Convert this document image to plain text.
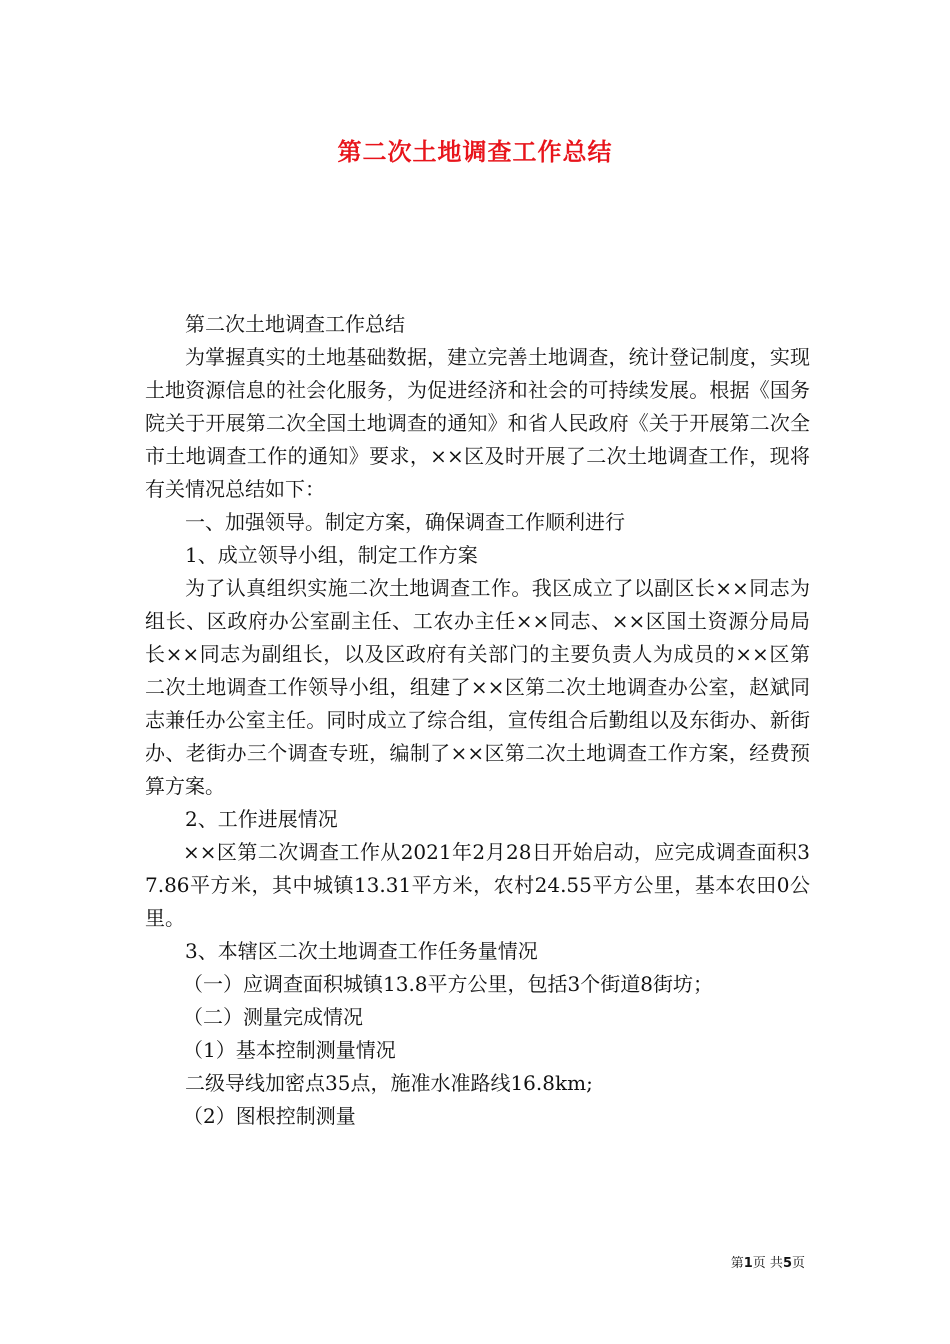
第二次土地调查工作总结

第二次土地调查工作总结

为掌握真实的土地基础数据，建立完善土地调查，统计登记制度，实现土地资源信息的社会化服务，为促进经济和社会的可持续发展。根据《国务院关于开展第二次全国土地调查的通知》和省人民政府《关于开展第二次全市土地调查工作的通知》要求，××区及时开展了二次土地调查工作，现将有关情况总结如下：

一、加强领导。制定方案，确保调查工作顺利进行

1、成立领导小组，制定工作方案

为了认真组织实施二次土地调查工作。我区成立了以副区长××同志为组长、区政府办公室副主任、工农办主任××同志、××区国土资源分局局长××同志为副组长，以及区政府有关部门的主要负责人为成员的××区第二次土地调查工作领导小组，组建了××区第二次土地调查办公室，赵斌同志兼任办公室主任。同时成立了综合组，宣传组合后勤组以及东街办、新街办、老街办三个调查专班，编制了××区第二次土地调查工作方案，经费预算方案。

2、工作进展情况

××区第二次调查工作从2021年2月28日开始启动，应完成调查面积37.86平方米，其中城镇13.31平方米，农村24.55平方公里，基本农田0公里。

3、本辖区二次土地调查工作任务量情况

（一）应调查面积城镇13.8平方公里，包括3个街道8街坊；

（二）测量完成情况

（1）基本控制测量情况

二级导线加密点35点，施准水准路线16.8km;

（2）图根控制测量

第1页 共5页
